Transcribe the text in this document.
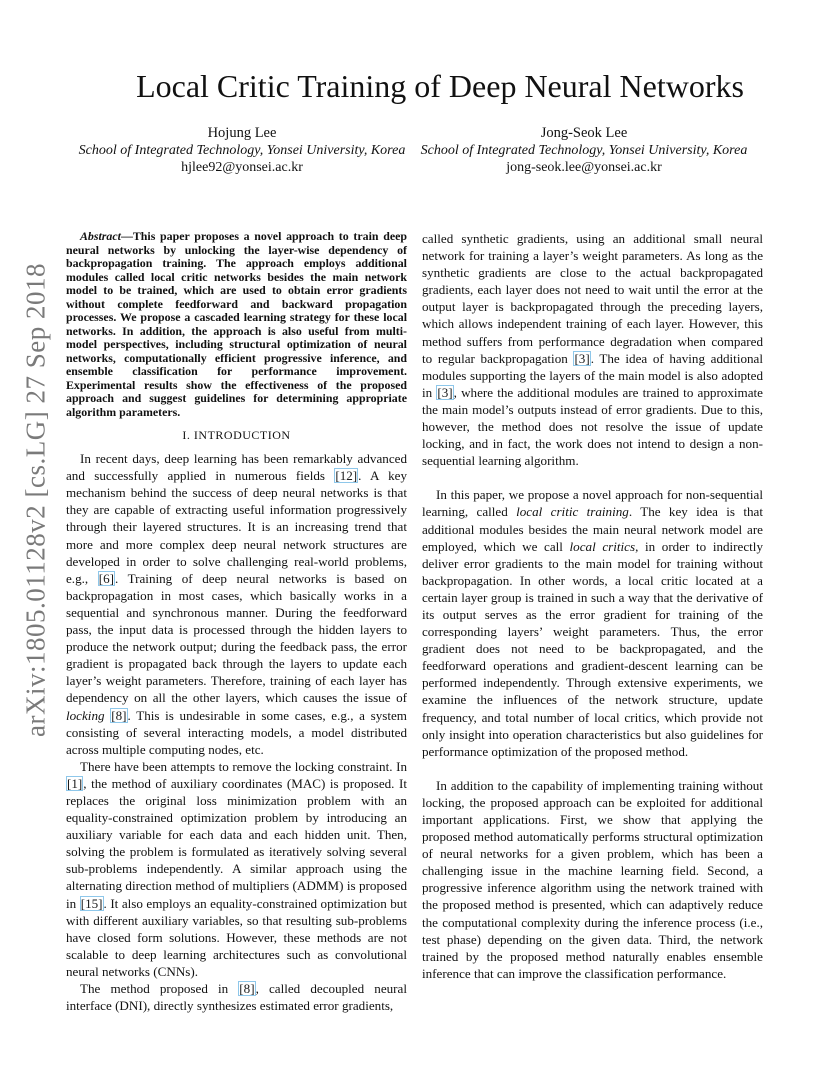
arXiv:1805.01128v2 [cs.LG] 27 Sep 2018
Local Critic Training of Deep Neural Networks
Hojung Lee
School of Integrated Technology, Yonsei University, Korea
hjlee92@yonsei.ac.kr
Jong-Seok Lee
School of Integrated Technology, Yonsei University, Korea
jong-seok.lee@yonsei.ac.kr

Abstract—This paper proposes a novel approach to train deep neural networks by unlocking the layer-wise dependency of backpropagation training. The approach employs additional modules called local critic networks besides the main network model to be trained, which are used to obtain error gradients without complete feedforward and backward propagation processes. We propose a cascaded learning strategy for these local networks. In addition, the approach is also useful from multi-model perspectives, including structural optimization of neural networks, computationally efficient progressive inference, and ensemble classification for performance improvement. Experimental results show the effectiveness of the proposed approach and suggest guidelines for determining appropriate algorithm parameters.

I. INTRODUCTION

In recent days, deep learning has been remarkably advanced and successfully applied in numerous fields [12]. A key mechanism behind the success of deep neural networks is that they are capable of extracting useful information progressively through their layered structures. It is an increasing trend that more and more complex deep neural network structures are developed in order to solve challenging real-world problems, e.g., [6]. Training of deep neural networks is based on backpropagation in most cases, which basically works in a sequential and synchronous manner. During the feedforward pass, the input data is processed through the hidden layers to produce the network output; during the feedback pass, the error gradient is propagated back through the layers to update each layer’s weight parameters. Therefore, training of each layer has dependency on all the other layers, which causes the issue of locking [8]. This is undesirable in some cases, e.g., a system consisting of several interacting models, a model distributed across multiple computing nodes, etc.

There have been attempts to remove the locking constraint. In [1], the method of auxiliary coordinates (MAC) is proposed. It replaces the original loss minimization problem with an equality-constrained optimization problem by introducing an auxiliary variable for each data and each hidden unit. Then, solving the problem is formulated as iteratively solving several sub-problems independently. A similar approach using the alternating direction method of multipliers (ADMM) is proposed in [15]. It also employs an equality-constrained optimization but with different auxiliary variables, so that resulting sub-problems have closed form solutions. However, these methods are not scalable to deep learning architectures such as convolutional neural networks (CNNs).

The method proposed in [8], called decoupled neural interface (DNI), directly synthesizes estimated error gradients,

called synthetic gradients, using an additional small neural network for training a layer’s weight parameters. As long as the synthetic gradients are close to the actual backpropagated gradients, each layer does not need to wait until the error at the output layer is backpropagated through the preceding layers, which allows independent training of each layer. However, this method suffers from performance degradation when compared to regular backpropagation [3]. The idea of having additional modules supporting the layers of the main model is also adopted in [3], where the additional modules are trained to approximate the main model’s outputs instead of error gradients. Due to this, however, the method does not resolve the issue of update locking, and in fact, the work does not intend to design a non-sequential learning algorithm.

In this paper, we propose a novel approach for non-sequential learning, called local critic training. The key idea is that additional modules besides the main neural network model are employed, which we call local critics, in order to indirectly deliver error gradients to the main model for training without backpropagation. In other words, a local critic located at a certain layer group is trained in such a way that the derivative of its output serves as the error gradient for training of the corresponding layers’ weight parameters. Thus, the error gradient does not need to be backpropagated, and the feedforward operations and gradient-descent learning can be performed independently. Through extensive experiments, we examine the influences of the network structure, update frequency, and total number of local critics, which provide not only insight into operation characteristics but also guidelines for performance optimization of the proposed method.

In addition to the capability of implementing training without locking, the proposed approach can be exploited for additional important applications. First, we show that applying the proposed method automatically performs structural optimization of neural networks for a given problem, which has been a challenging issue in the machine learning field. Second, a progressive inference algorithm using the network trained with the proposed method is presented, which can adaptively reduce the computational complexity during the inference process (i.e., test phase) depending on the given data. Third, the network trained by the proposed method naturally enables ensemble inference that can improve the classification performance.
